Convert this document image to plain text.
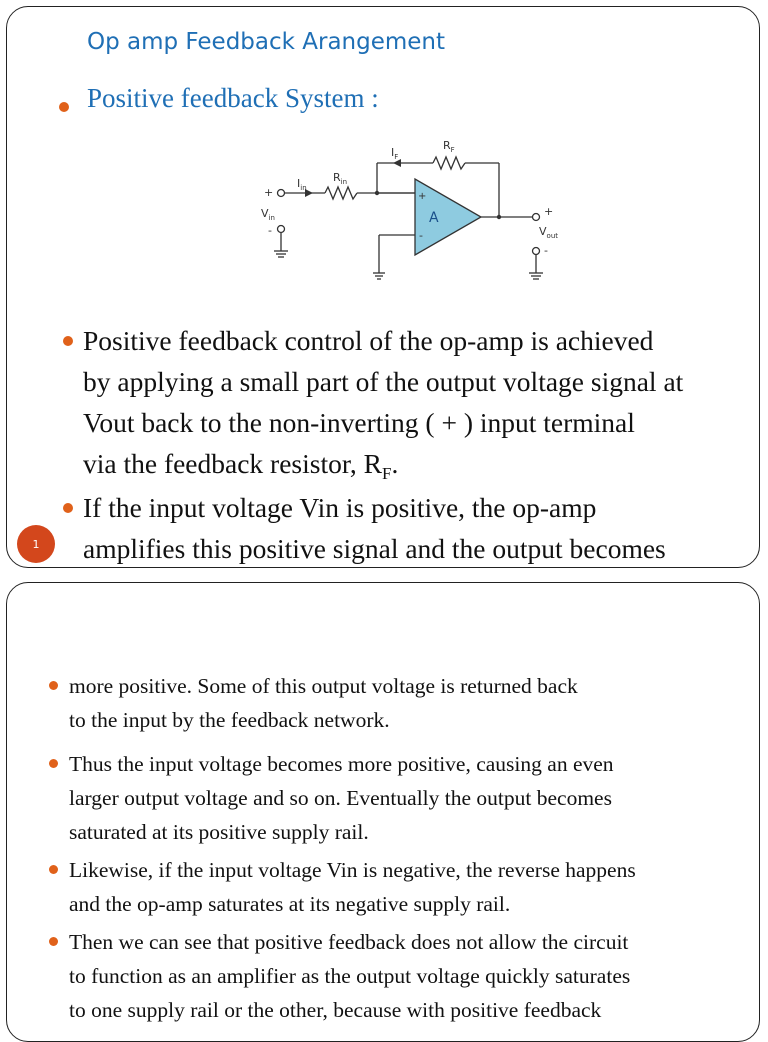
Op amp Feedback Arangement
Positive feedback System :
$I_F$
$R_F$
$I_{in}$
$R_{in}$
+
$V_{in}$
-
+
-
A	+
$V_{out}$
-

Positive feedback control of the op-amp is achieved
by applying a small part of the output voltage signal at
Vout back to the non-inverting ( + ) input terminal
via the feedback resistor, $R_F$.

If the input voltage Vin is positive, the op-amp
amplifies this positive signal and the output becomes

1

more positive. Some of this output voltage is returned back
to the input by the feedback network.

Thus the input voltage becomes more positive, causing an even
larger output voltage and so on. Eventually the output becomes
saturated at its positive supply rail.

Likewise, if the input voltage Vin is negative, the reverse happens
and the op-amp saturates at its negative supply rail.

Then we can see that positive feedback does not allow the circuit
to function as an amplifier as the output voltage quickly saturates
to one supply rail or the other, because with positive feedback
